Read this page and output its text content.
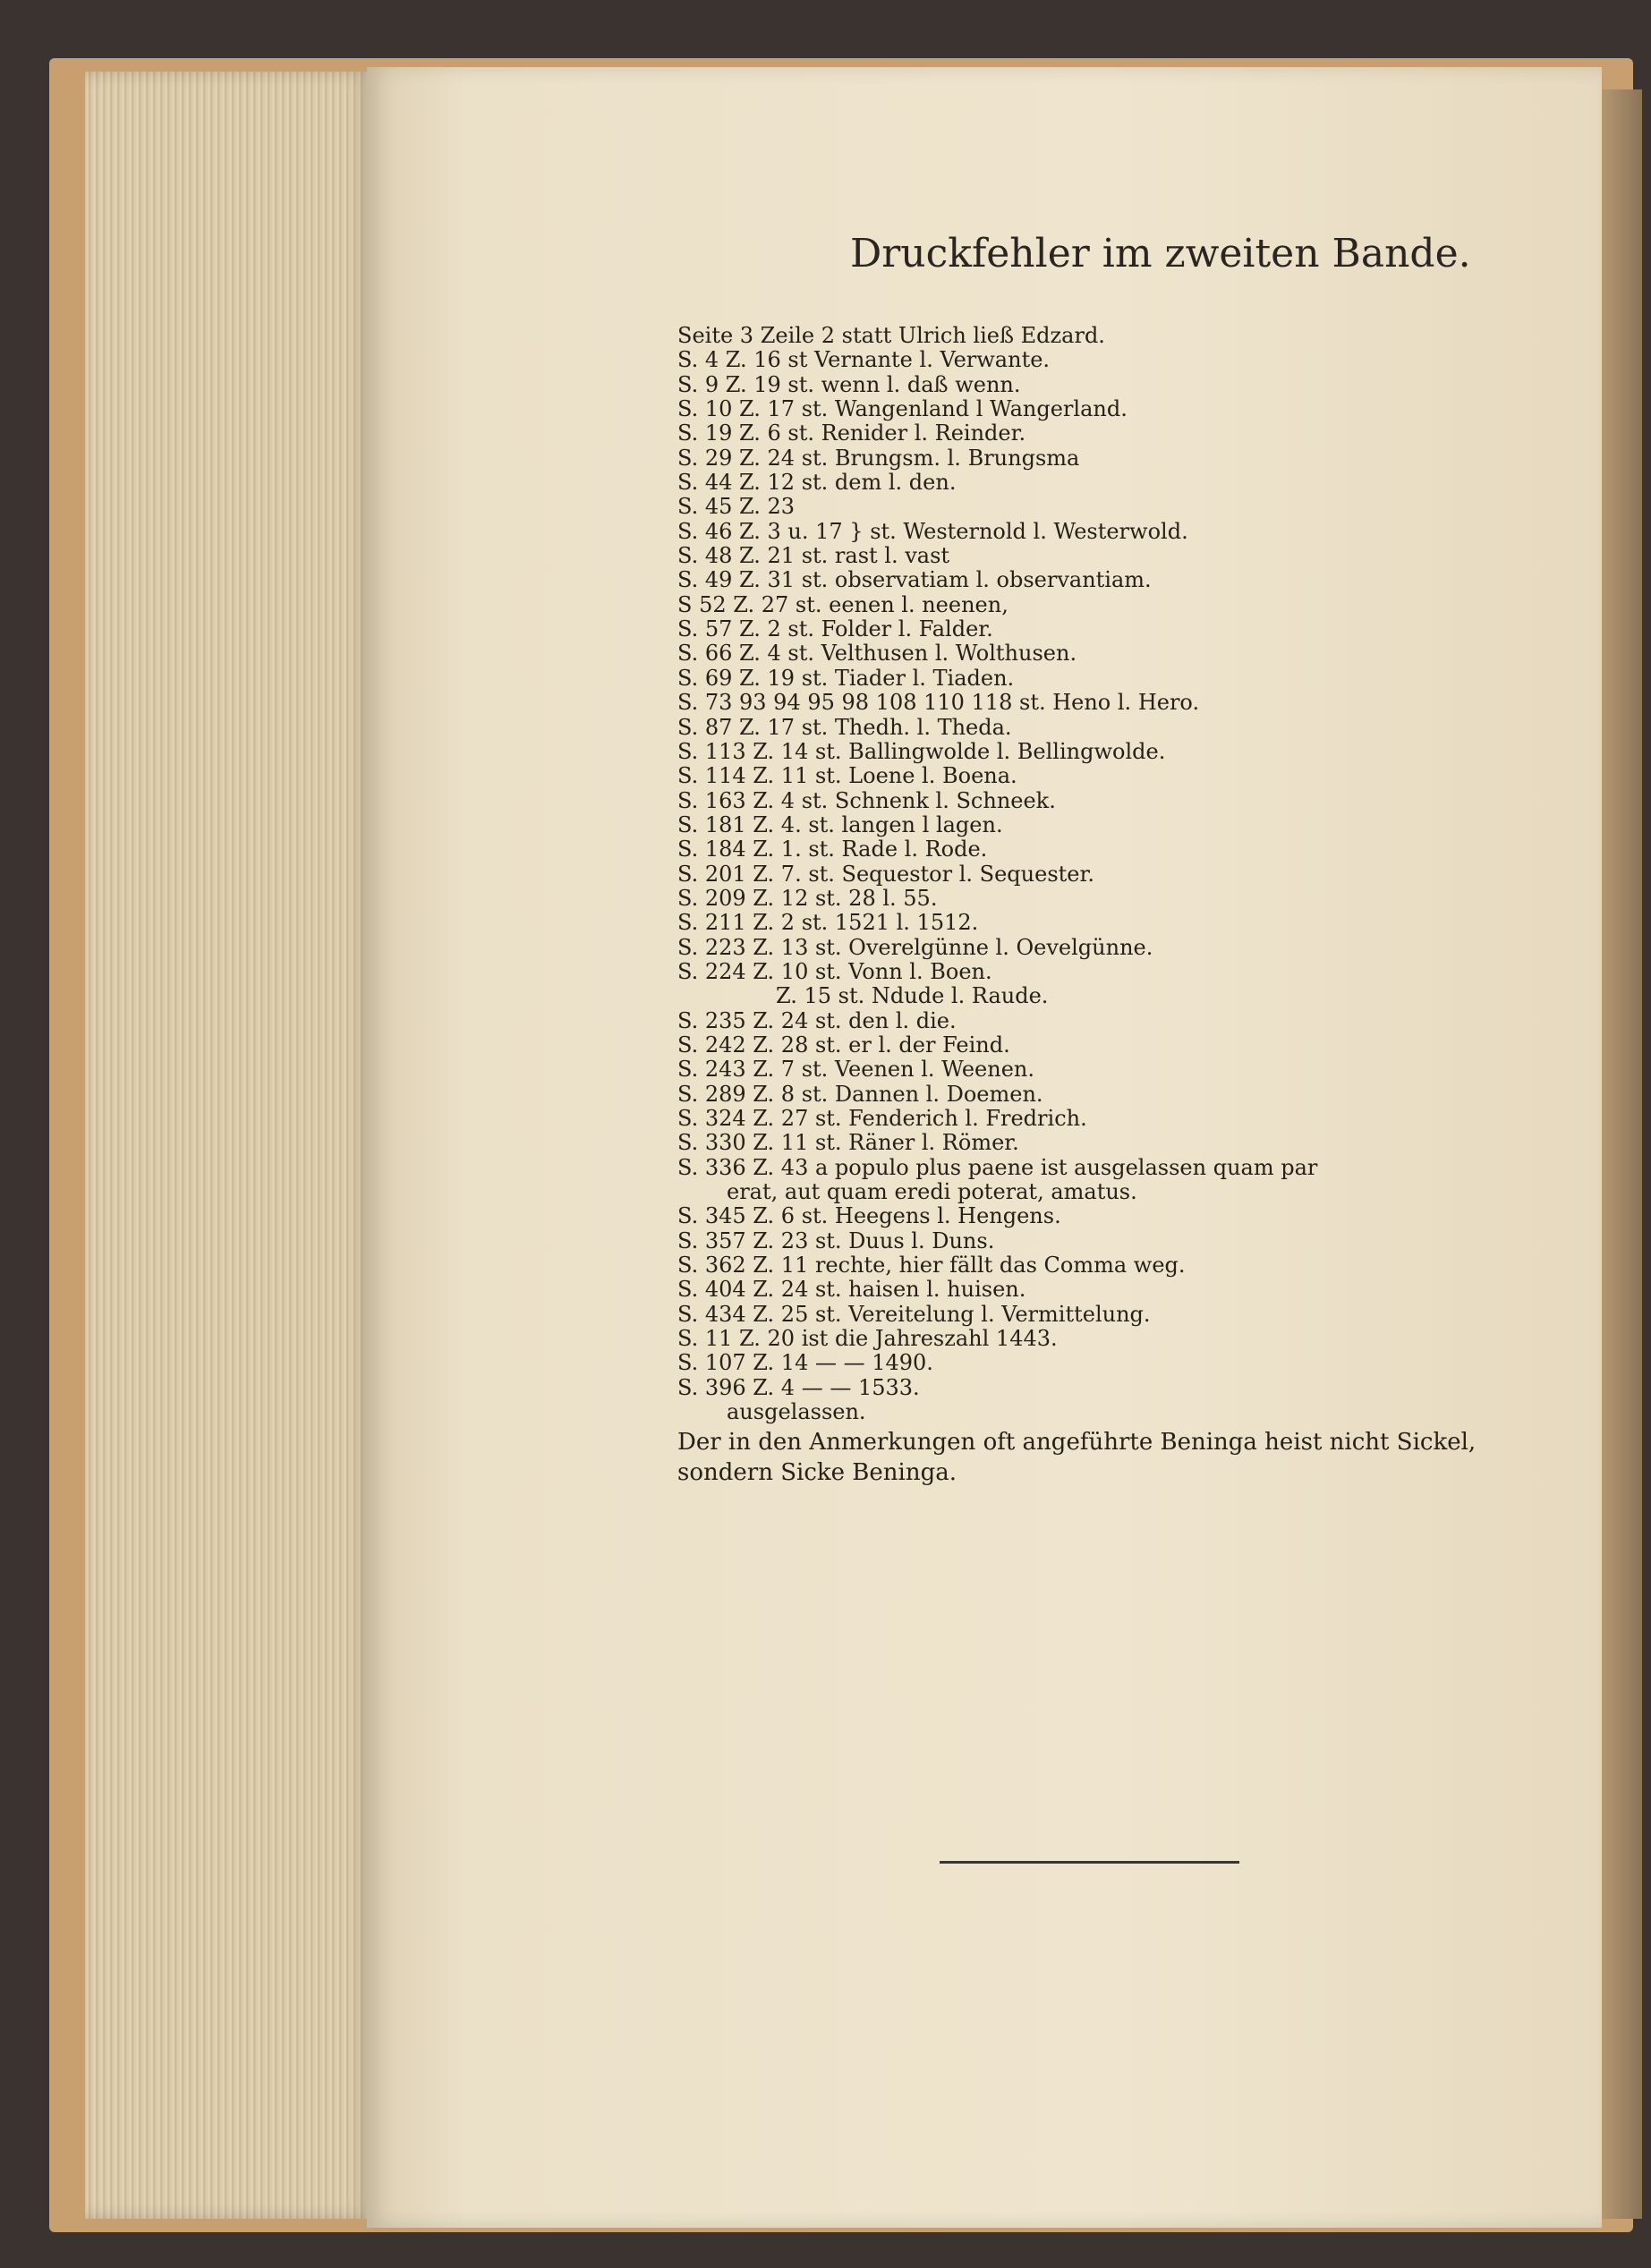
Druckfehler im zweiten Bande.
Seite 3 Zeile 2 statt Ulrich ließ Edzard.
S. 4 Z. 16 st Vernante l. Verwante.
S. 9 Z. 19 st. wenn l. daß wenn.
S. 10 Z. 17 st. Wangenland l Wangerland.
S. 19 Z. 6 st. Renider l. Reinder.
S. 29 Z. 24 st. Brungsm. l. Brungsma
S. 44 Z. 12 st. dem l. den.
S. 45 Z. 23
S. 46 Z. 3 u. 17 } st. Westernold l. Westerwold.
S. 48 Z. 21 st. rast l. vast
S. 49 Z. 31 st. observatiam l. observantiam.
S 52 Z. 27 st. eenen l. neenen,
S. 57 Z. 2 st. Folder l. Falder.
S. 66 Z. 4 st. Velthusen l. Wolthusen.
S. 69 Z. 19 st. Tiader l. Tiaden.
S. 73 93 94 95 98 108 110 118 st. Heno l. Hero.
S. 87 Z. 17 st. Thedh. l. Theda.
S. 113 Z. 14 st. Ballingwolde l. Bellingwolde.
S. 114 Z. 11 st. Loene l. Boena.
S. 163 Z. 4 st. Schnenk l. Schneek.
S. 181 Z. 4. st. langen l lagen.
S. 184 Z. 1. st. Rade l. Rode.
S. 201 Z. 7. st. Sequestor l. Sequester.
S. 209 Z. 12 st. 28 l. 55.
S. 211 Z. 2 st. 1521 l. 1512.
S. 223 Z. 13 st. Overelgünne l. Oevelgünne.
S. 224 Z. 10 st. Vonn l. Boen.
Z. 15 st. Ndude l. Raude.
S. 235 Z. 24 st. den l. die.
S. 242 Z. 28 st. er l. der Feind.
S. 243 Z. 7 st. Veenen l. Weenen.
S. 289 Z. 8 st. Dannen l. Doemen.
S. 324 Z. 27 st. Fenderich l. Fredrich.
S. 330 Z. 11 st. Räner l. Römer.
S. 336 Z. 43 a populo plus paene ist ausgelassen quam par
erat, aut quam eredi poterat, amatus.
S. 345 Z. 6 st. Heegens l. Hengens.
S. 357 Z. 23 st. Duus l. Duns.
S. 362 Z. 11 rechte, hier fällt das Comma weg.
S. 404 Z. 24 st. haisen l. huisen.
S. 434 Z. 25 st. Vereitelung l. Vermittelung.
S. 11 Z. 20 ist die Jahreszahl 1443.
S. 107 Z. 14 — — 1490.
S. 396 Z. 4 — — 1533.
ausgelassen.
Der in den Anmerkungen oft angeführte Beninga heist nicht Sickel, sondern Sicke Beninga.
